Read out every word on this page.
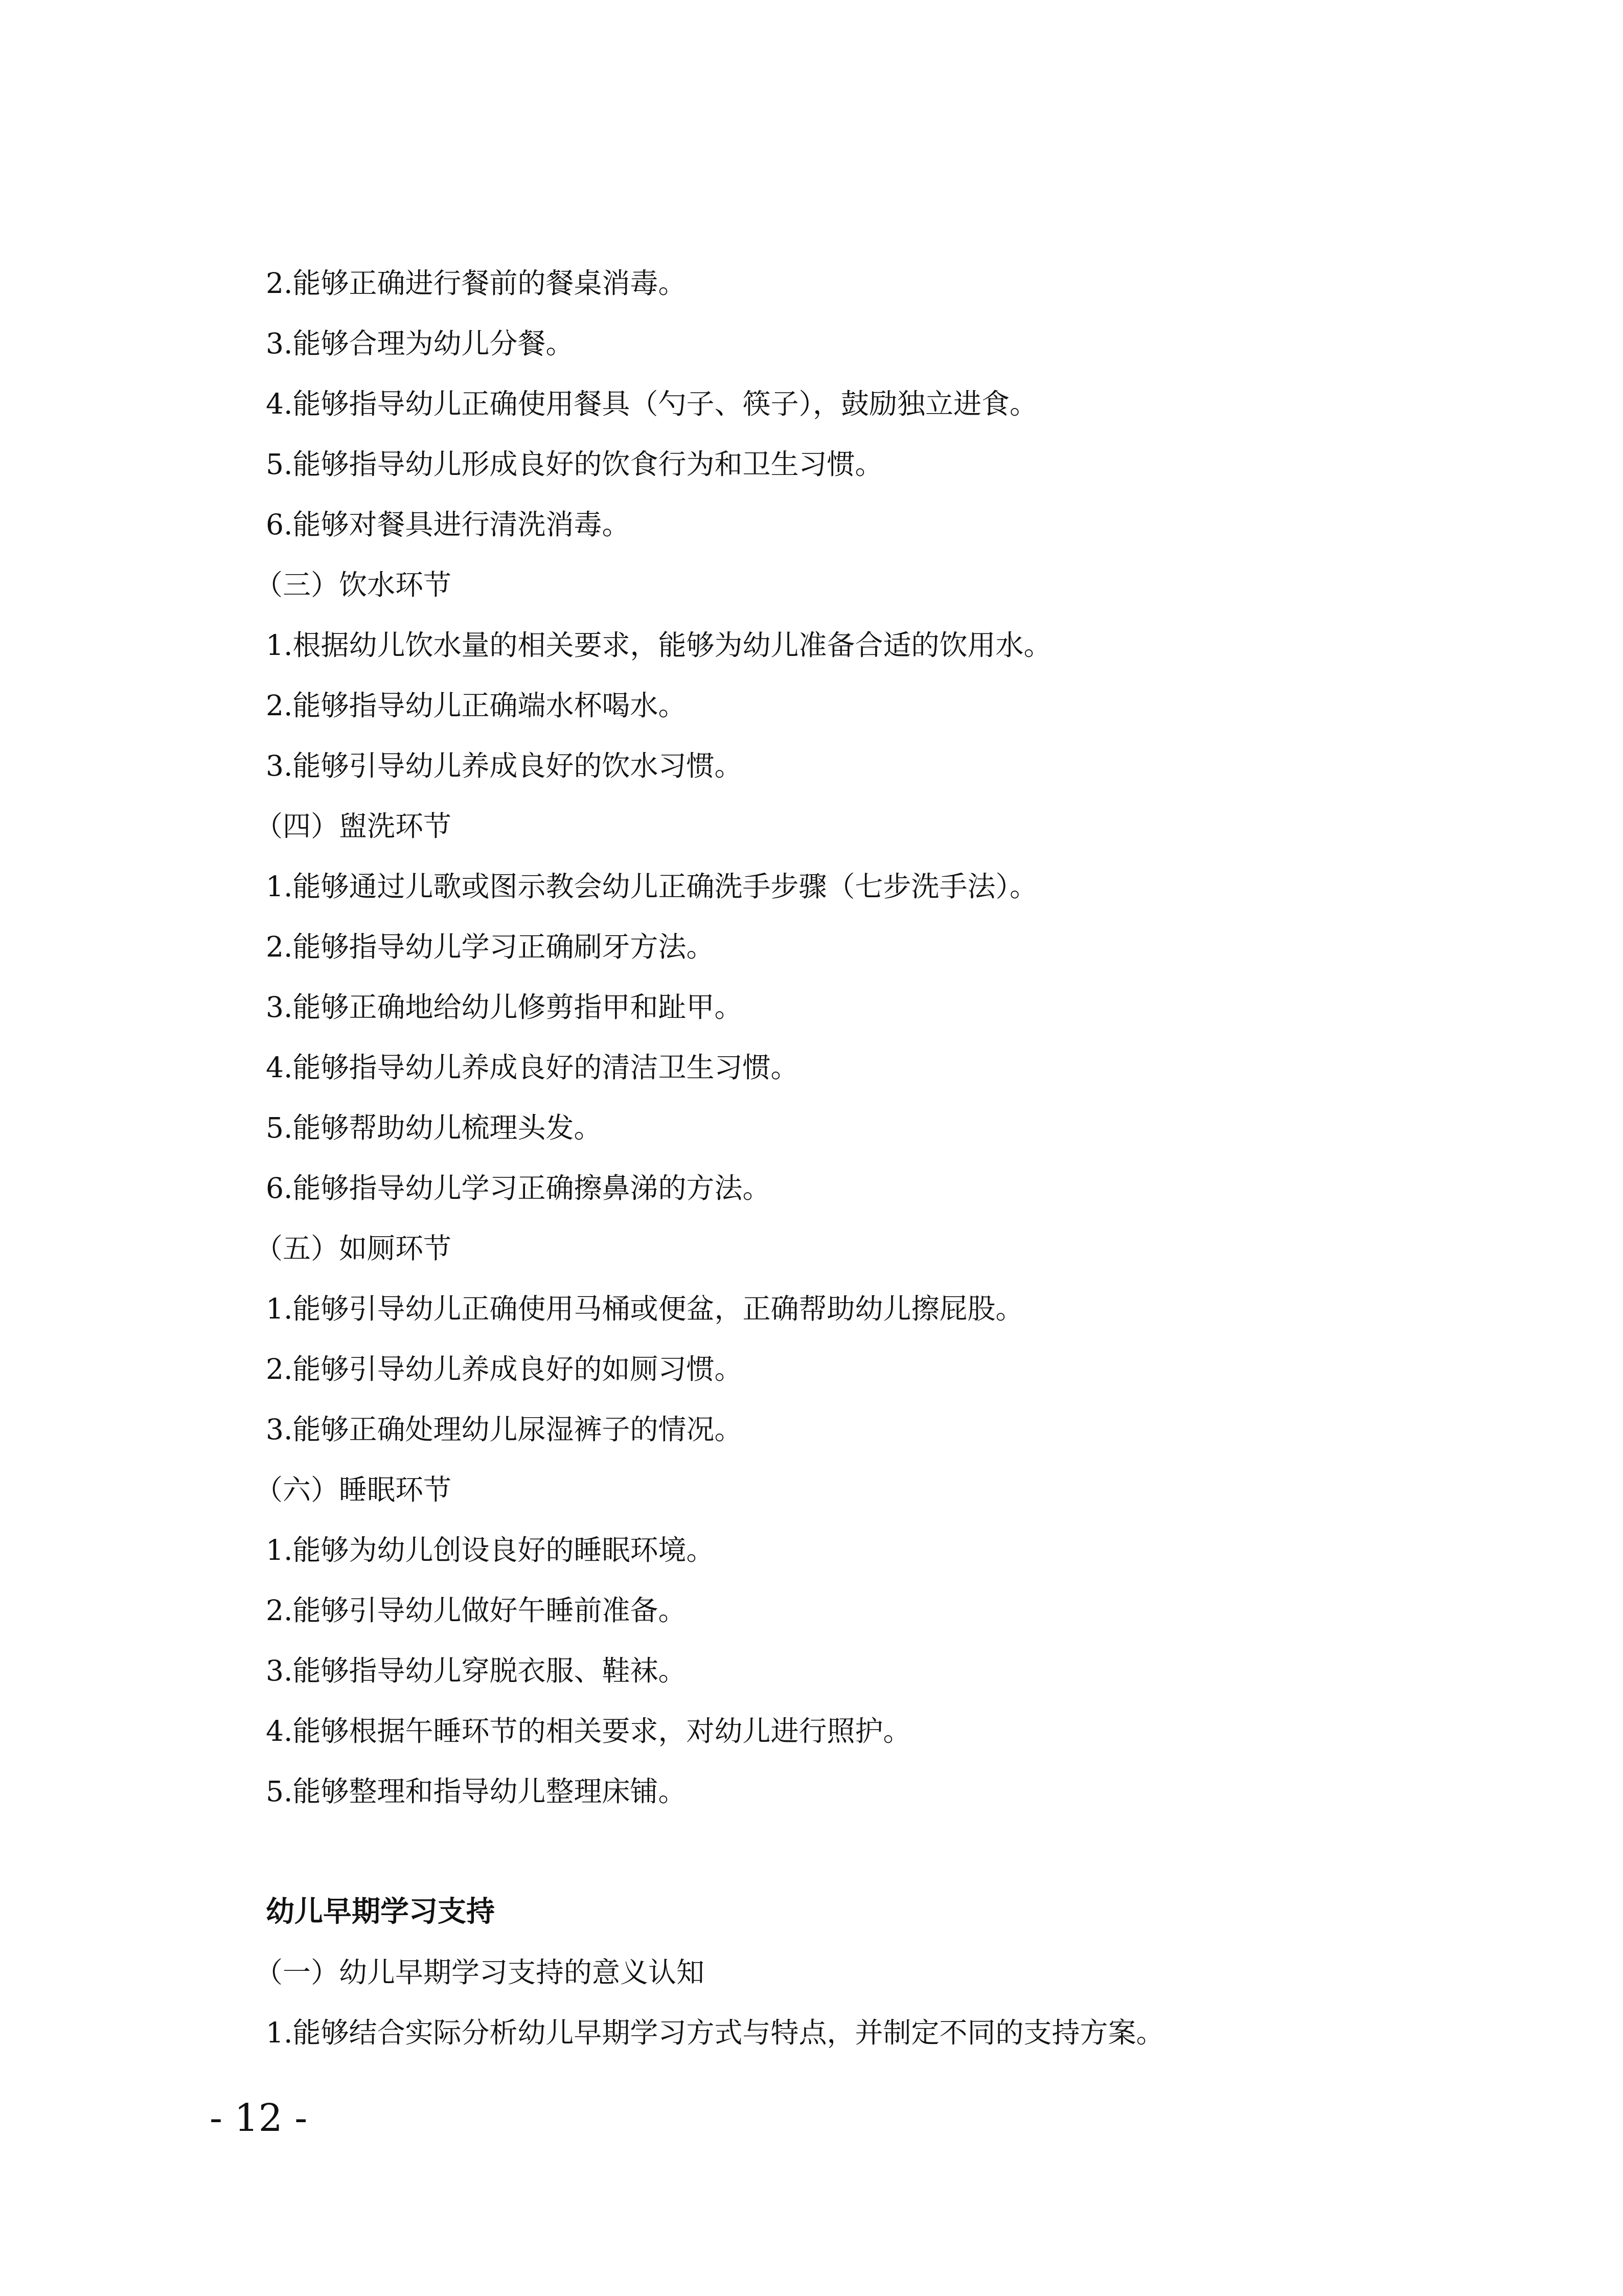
2.能够正确进行餐前的餐桌消毒。
3.能够合理为幼儿分餐。
4.能够指导幼儿正确使用餐具（勺子、筷子），鼓励独立进食。
5.能够指导幼儿形成良好的饮食行为和卫生习惯。
6.能够对餐具进行清洗消毒。
（三）饮水环节
1.根据幼儿饮水量的相关要求，能够为幼儿准备合适的饮用水。
2.能够指导幼儿正确端水杯喝水。
3.能够引导幼儿养成良好的饮水习惯。
（四）盥洗环节
1.能够通过儿歌或图示教会幼儿正确洗手步骤（七步洗手法）。
2.能够指导幼儿学习正确刷牙方法。
3.能够正确地给幼儿修剪指甲和趾甲。
4.能够指导幼儿养成良好的清洁卫生习惯。
5.能够帮助幼儿梳理头发。
6.能够指导幼儿学习正确擦鼻涕的方法。
（五）如厕环节
1.能够引导幼儿正确使用马桶或便盆，正确帮助幼儿擦屁股。
2.能够引导幼儿养成良好的如厕习惯。
3.能够正确处理幼儿尿湿裤子的情况。
（六）睡眠环节
1.能够为幼儿创设良好的睡眠环境。
2.能够引导幼儿做好午睡前准备。
3.能够指导幼儿穿脱衣服、鞋袜。
4.能够根据午睡环节的相关要求，对幼儿进行照护。
5.能够整理和指导幼儿整理床铺。
幼儿早期学习支持
（一）幼儿早期学习支持的意义认知
1.能够结合实际分析幼儿早期学习方式与特点，并制定不同的支持方案。
- 12 -
